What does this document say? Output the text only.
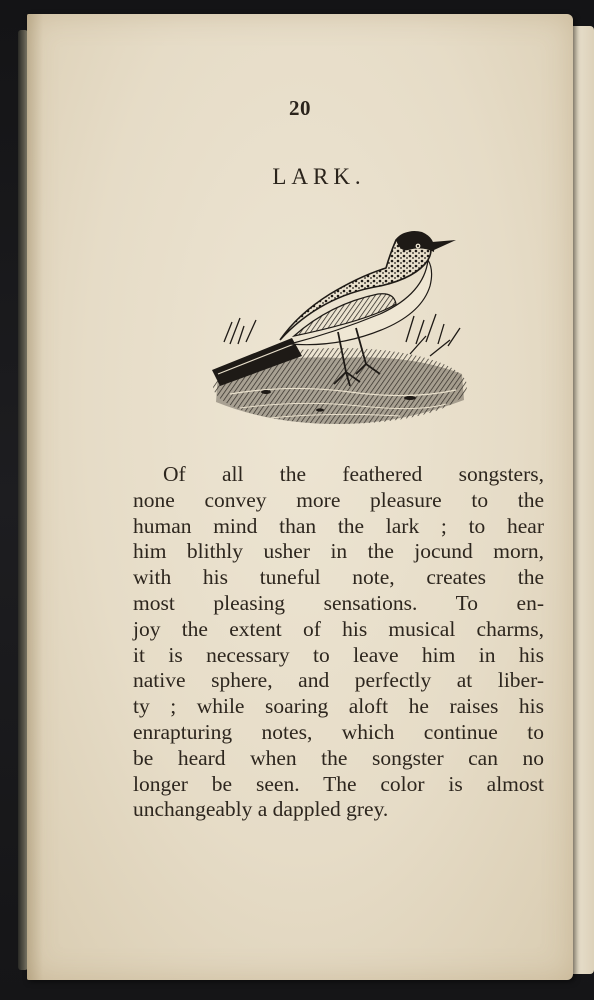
20
LARK.
Of all the feathered songsters,
none convey more pleasure to the
human mind than the lark ; to hear
him blithly usher in the jocund morn,
with his tuneful note, creates the
most pleasing sensations. To en-
joy the extent of his musical charms,
it is necessary to leave him in his
native sphere, and perfectly at liber-
ty ; while soaring aloft he raises his
enrapturing notes, which continue to
be heard when the songster can no
longer be seen. The color is almost
unchangeably a dappled grey.
